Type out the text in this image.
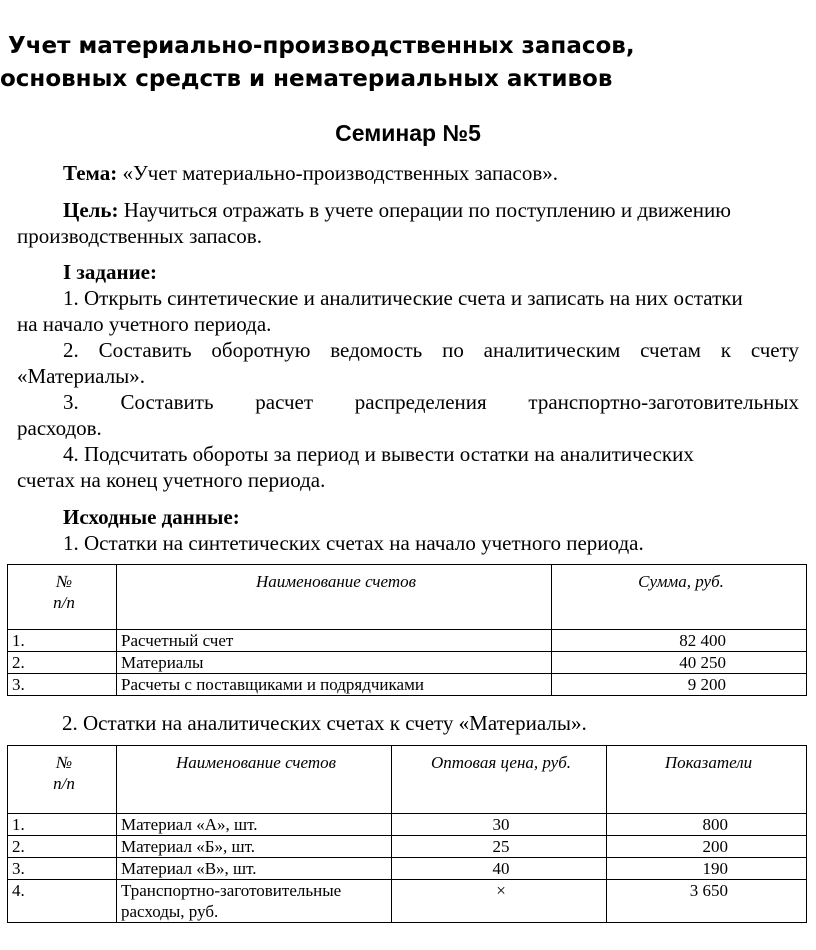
Учет материально-производственных запасов,
основных средств и нематериальных активов
Семинар №5
Тема: «Учет материально-производственных запасов».
Цель: Научиться отражать в учете операции по поступлению и движению
производственных запасов.
I задание:
1. Открыть синтетические и аналитические счета и записать на них остатки
на начало учетного периода.
2. Составить оборотную ведомость по аналитическим счетам к счету
«Материалы».
3. Составить расчет распределения транспортно-заготовительных
расходов.
4. Подсчитать обороты за период и вывести остатки на аналитических
счетах на конец учетного периода.
Исходные данные:
1. Остатки на синтетических счетах на начало учетного периода.
№
п/п	Наименование счетов	Сумма, руб.
1.	Расчетный счет	82 400
2.	Материалы	40 250
3.	Расчеты с поставщиками и подрядчиками	9 200
2. Остатки на аналитических счетах к счету «Материалы».
№
п/п	Наименование счетов	Оптовая цена, руб.	Показатели
1.	Материал «А», шт.	30	800
2.	Материал «Б», шт.	25	200
3.	Материал «В», шт.	40	190
4.	Транспортно-заготовительные расходы, руб.	×	3 650
